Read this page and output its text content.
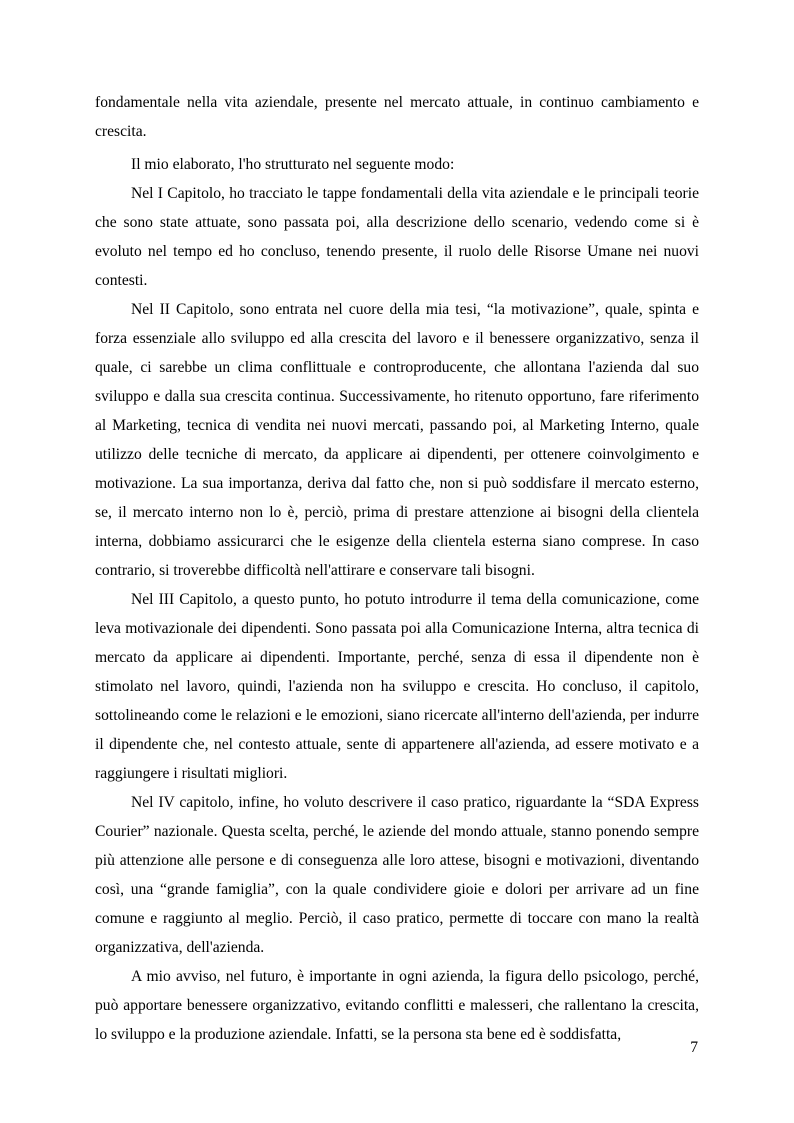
fondamentale nella vita aziendale, presente nel mercato attuale, in continuo cambiamento e crescita.

Il mio elaborato, l'ho strutturato nel seguente modo:

Nel I Capitolo, ho tracciato le tappe fondamentali della vita aziendale e le principali teorie che sono state attuate, sono passata poi, alla descrizione dello scenario, vedendo come si è evoluto nel tempo ed ho concluso, tenendo presente, il ruolo delle Risorse Umane nei nuovi contesti.

Nel II Capitolo, sono entrata nel cuore della mia tesi, “la motivazione”, quale, spinta e forza essenziale allo sviluppo ed alla crescita del lavoro e il benessere organizzativo, senza il quale, ci sarebbe un clima conflittuale e controproducente, che allontana l'azienda dal suo sviluppo e dalla sua crescita continua. Successivamente, ho ritenuto opportuno, fare riferimento al Marketing, tecnica di vendita nei nuovi mercati, passando poi, al Marketing Interno, quale utilizzo delle tecniche di mercato, da applicare ai dipendenti, per ottenere coinvolgimento e motivazione. La sua importanza, deriva dal fatto che, non si può soddisfare il mercato esterno, se, il mercato interno non lo è, perciò, prima di prestare attenzione ai bisogni della clientela interna, dobbiamo assicurarci che le esigenze della clientela esterna siano comprese. In caso contrario, si troverebbe difficoltà nell'attirare e conservare tali bisogni.

Nel III Capitolo, a questo punto, ho potuto introdurre il tema della comunicazione, come leva motivazionale dei dipendenti. Sono passata poi alla Comunicazione Interna, altra tecnica di mercato da applicare ai dipendenti. Importante, perché, senza di essa il dipendente non è stimolato nel lavoro, quindi, l'azienda non ha sviluppo e crescita. Ho concluso, il capitolo, sottolineando come le relazioni e le emozioni, siano ricercate all'interno dell'azienda, per indurre il dipendente che, nel contesto attuale, sente di appartenere all'azienda, ad essere motivato e a raggiungere i risultati migliori.

Nel IV capitolo, infine, ho voluto descrivere il caso pratico, riguardante la “SDA Express Courier” nazionale. Questa scelta, perché, le aziende del mondo attuale, stanno ponendo sempre più attenzione alle persone e di conseguenza alle loro attese, bisogni e motivazioni, diventando così, una “grande famiglia”, con la quale condividere gioie e dolori per arrivare ad un fine comune e raggiunto al meglio. Perciò, il caso pratico, permette di toccare con mano la realtà organizzativa, dell'azienda.

A mio avviso, nel futuro, è importante in ogni azienda, la figura dello psicologo, perché, può apportare benessere organizzativo, evitando conflitti e malesseri, che rallentano la crescita, lo sviluppo e la produzione aziendale. Infatti, se la persona sta bene ed è soddisfatta,

7
